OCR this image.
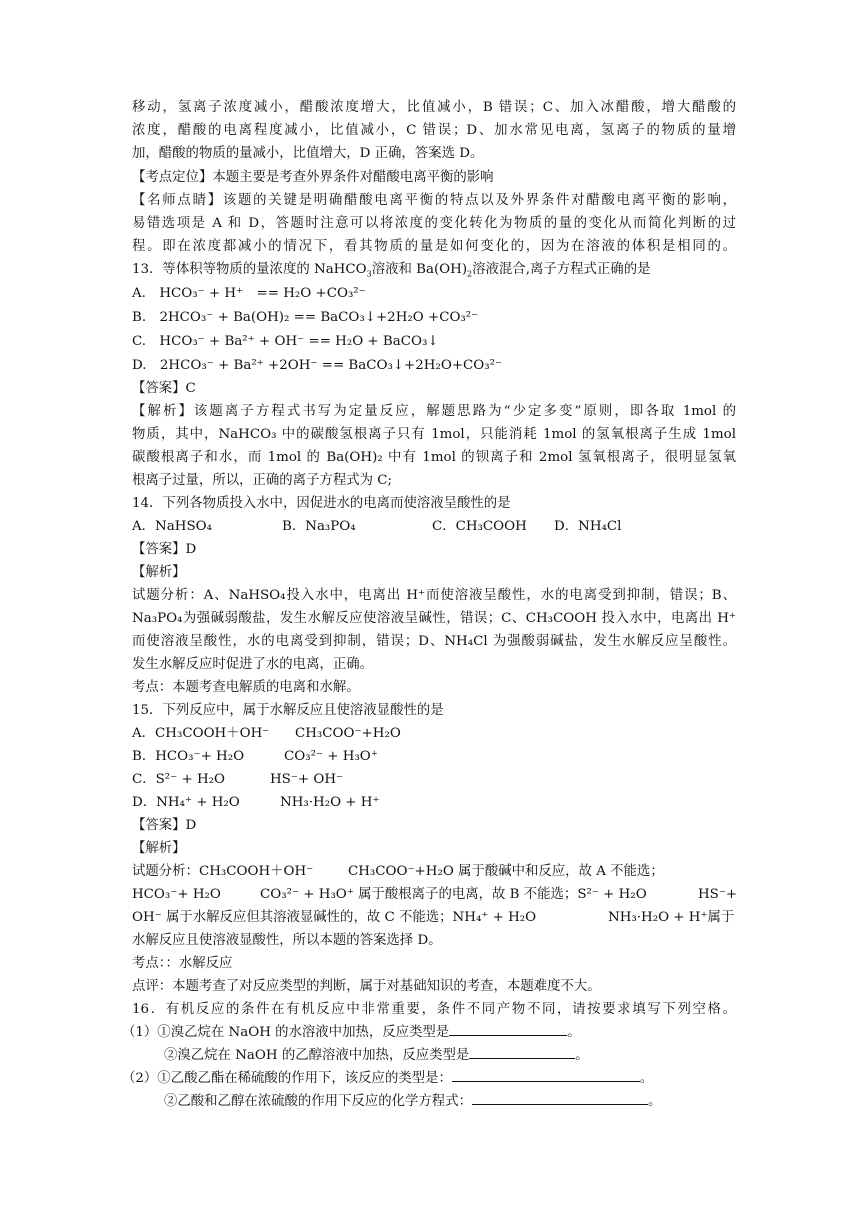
移动，氢离子浓度减小，醋酸浓度增大，比值减小，B 错误；C、加入冰醋酸，增大醋酸的
浓度，醋酸的电离程度减小，比值减小，C 错误；D、加水常见电离，氢离子的物质的量增
加，醋酸的物质的量减小，比值增大，D 正确，答案选 D。
【考点定位】本题主要是考查外界条件对醋酸电离平衡的影响
【名师点睛】该题的关键是明确醋酸电离平衡的特点以及外界条件对醋酸电离平衡的影响，
易错选项是 A 和 D，答题时注意可以将浓度的变化转化为物质的量的变化从而简化判断的过
程。即在浓度都减小的情况下，看其物质的量是如何变化的，因为在溶液的体积是相同的。
13．等体积等物质的量浓度的 NaHCO$_3$溶液和 $Ba(OH)_2$溶液混合,离子方程式正确的是
A.　HCO₃⁻ + H⁺　== H₂O +CO₃²⁻
B.　2HCO₃⁻ + Ba(OH)₂ == BaCO₃↓+2H₂O +CO₃²⁻
C.　HCO₃⁻ + Ba²⁺ + OH⁻ == H₂O + BaCO₃↓
D.　2HCO₃⁻ + Ba²⁺ +2OH⁻ == BaCO₃↓+2H₂O+CO₃²⁻
【答案】C
【解析】该题离子方程式书写为定量反应，解题思路为“少定多变”原则，即各取 1mol 的
物质，其中，NaHCO₃ 中的碳酸氢根离子只有 1mol，只能消耗 1mol 的氢氧根离子生成 1mol
碳酸根离子和水，而 1mol 的 Ba(OH)₂ 中有 1mol 的钡离子和 2mol 氢氧根离子，很明显氢氧
根离子过量，所以，正确的离子方程式为 C;
14．下列各物质投入水中，因促进水的电离而使溶液呈酸性的是
A．NaHSO₄	B．Na₃PO₄	C．CH₃COOH D．NH₄Cl
【答案】D
【解析】
试题分析：A、NaHSO₄投入水中，电离出 H⁺而使溶液呈酸性，水的电离受到抑制，错误；B、
Na₃PO₄为强碱弱酸盐，发生水解反应使溶液呈碱性，错误；C、CH₃COOH 投入水中，电离出 H⁺
而使溶液呈酸性，水的电离受到抑制，错误；D、NH₄Cl 为强酸弱碱盐，发生水解反应呈酸性。
发生水解反应时促进了水的电离，正确。
考点：本题考查电解质的电离和水解。
15．下列反应中，属于水解反应且使溶液显酸性的是
A．CH₃COOH＋OH⁻ CH₃COO⁻+H₂O
B．HCO₃⁻+ H₂O	CO₃²⁻ + H₃O⁺
C．S²⁻ + H₂O	HS⁻+ OH⁻
D．NH₄⁺ + H₂O	NH₃·H₂O + H⁺
【答案】D
【解析】
试题分析：CH₃COOH＋OH⁻	CH₃COO⁻+H₂O 属于酸碱中和反应，故 A 不能选；
HCO₃⁻+ H₂O	CO₃²⁻ + H₃O⁺ 属于酸根离子的电离，故 B 不能选；S²⁻ + H₂O	HS⁻+
OH⁻ 属于水解反应但其溶液显碱性的，故 C 不能选；NH₄⁺ + H₂O	NH₃·H₂O + H⁺属于
水解反应且使溶液显酸性，所以本题的答案选择 D。
考点：：水解反应
点评：本题考查了对反应类型的判断，属于对基础知识的考查，本题难度不大。
16．有机反应的条件在有机反应中非常重要，条件不同产物不同，请按要求填写下列空格。
（1）①溴乙烷在 NaOH 的水溶液中加热，反应类型是	。
②溴乙烷在 NaOH 的乙醇溶液中加热，反应类型是	。
（2）①乙酸乙酯在稀硫酸的作用下，该反应的类型是：	。
②乙酸和乙醇在浓硫酸的作用下反应的化学方程式：	。
